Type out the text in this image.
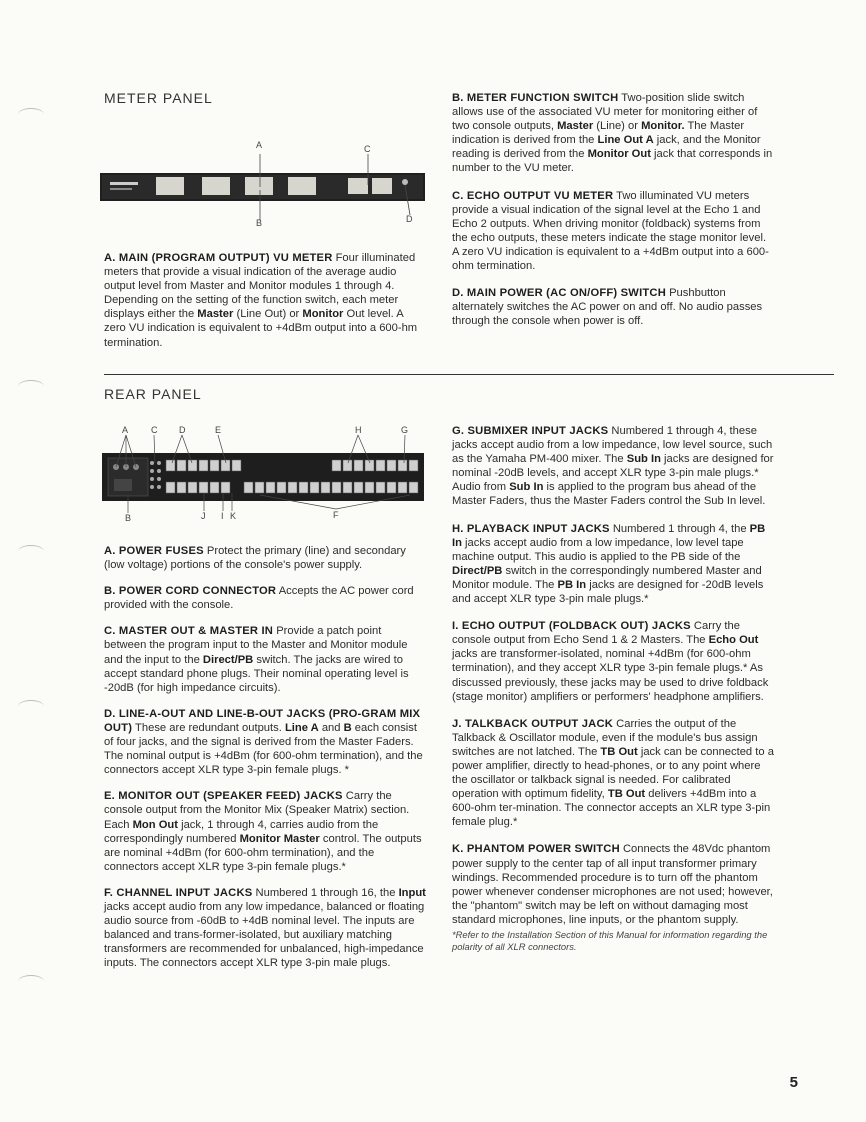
METER PANEL
A
B
C
D

A. MAIN (PROGRAM OUTPUT) VU METER Four illuminated meters that provide a visual indication of the average audio output level from Master and Monitor modules 1 through 4. Depending on the setting of the function switch, each meter displays either the Master (Line Out) or Monitor Out level. A zero VU indication is equivalent to +4dBm output into a 600-hm termination.

B. METER FUNCTION SWITCH Two-position slide switch allows use of the associated VU meter for monitoring either of two console outputs, Master (Line) or Monitor. The Master indication is derived from the Line Out A jack, and the Monitor reading is derived from the Monitor Out jack that corresponds in number to the VU meter.

C. ECHO OUTPUT VU METER Two illuminated VU meters provide a visual indication of the signal level at the Echo 1 and Echo 2 outputs. When driving monitor (foldback) systems from the echo outputs, these meters indicate the stage monitor level. A zero VU indication is equivalent to a +4dBm output into a 600-ohm termination.

D. MAIN POWER (AC ON/OFF) SWITCH Pushbutton alternately switches the AC power on and off. No audio passes through the console when power is off.

REAR PANEL
A	C D	E	H	G
B	J I K	F

A. POWER FUSES Protect the primary (line) and secondary (low voltage) portions of the console's power supply.

B. POWER CORD CONNECTOR Accepts the AC power cord provided with the console.

C. MASTER OUT & MASTER IN Provide a patch point between the program input to the Master and Monitor module and the input to the Direct/PB switch. The jacks are wired to accept standard phone plugs. Their nominal operating level is -20dB (for high impedance circuits).

D. LINE-A-OUT AND LINE-B-OUT JACKS (PRO-GRAM MIX OUT) These are redundant outputs. Line A and B each consist of four jacks, and the signal is derived from the Master Faders. The nominal output is +4dBm (for 600-ohm termination), and the connectors accept XLR type 3-pin female plugs. *

E. MONITOR OUT (SPEAKER FEED) JACKS Carry the console output from the Monitor Mix (Speaker Matrix) section. Each Mon Out jack, 1 through 4, carries audio from the correspondingly numbered Monitor Master control. The outputs are nominal +4dBm (for 600-ohm termination), and the connectors accept XLR type 3-pin female plugs.*

F. CHANNEL INPUT JACKS Numbered 1 through 16, the Input jacks accept audio from any low impedance, balanced or floating audio source from -60dB to +4dB nominal level. The inputs are balanced and trans-former-isolated, but auxiliary matching transformers are recommended for unbalanced, high-impedance inputs. The connectors accept XLR type 3-pin male plugs.

G. SUBMIXER INPUT JACKS Numbered 1 through 4, these jacks accept audio from a low impedance, low level source, such as the Yamaha PM-400 mixer. The Sub In jacks are designed for nominal -20dB levels, and accept XLR type 3-pin male plugs.* Audio from Sub In is applied to the program bus ahead of the Master Faders, thus the Master Faders control the Sub In level.

H. PLAYBACK INPUT JACKS Numbered 1 through 4, the PB In jacks accept audio from a low impedance, low level tape machine output. This audio is applied to the PB side of the Direct/PB switch in the correspondingly numbered Master and Monitor module. The PB In jacks are designed for -20dB levels and accept XLR type 3-pin male plugs.*

I. ECHO OUTPUT (FOLDBACK OUT) JACKS Carry the console output from Echo Send 1 & 2 Masters. The Echo Out jacks are transformer-isolated, nominal +4dBm (for 600-ohm termination), and they accept XLR type 3-pin female plugs.* As discussed previously, these jacks may be used to drive foldback (stage monitor) amplifiers or performers' headphone amplifiers.

J. TALKBACK OUTPUT JACK Carries the output of the Talkback & Oscillator module, even if the module's bus assign switches are not latched. The TB Out jack can be connected to a power amplifier, directly to head-phones, or to any point where the oscillator or talkback signal is needed. For calibrated operation with optimum fidelity, TB Out delivers +4dBm into a 600-ohm ter-mination. The connector accepts an XLR type 3-pin female plug.*

K. PHANTOM POWER SWITCH Connects the 48Vdc phantom power supply to the center tap of all input transformer primary windings. Recommended procedure is to turn off the phantom power whenever condenser microphones are not used; however, the "phantom" switch may be left on without damaging most standard microphones, line inputs, or the phantom supply.

*Refer to the Installation Section of this Manual for information regarding the polarity of all XLR connectors.

5
